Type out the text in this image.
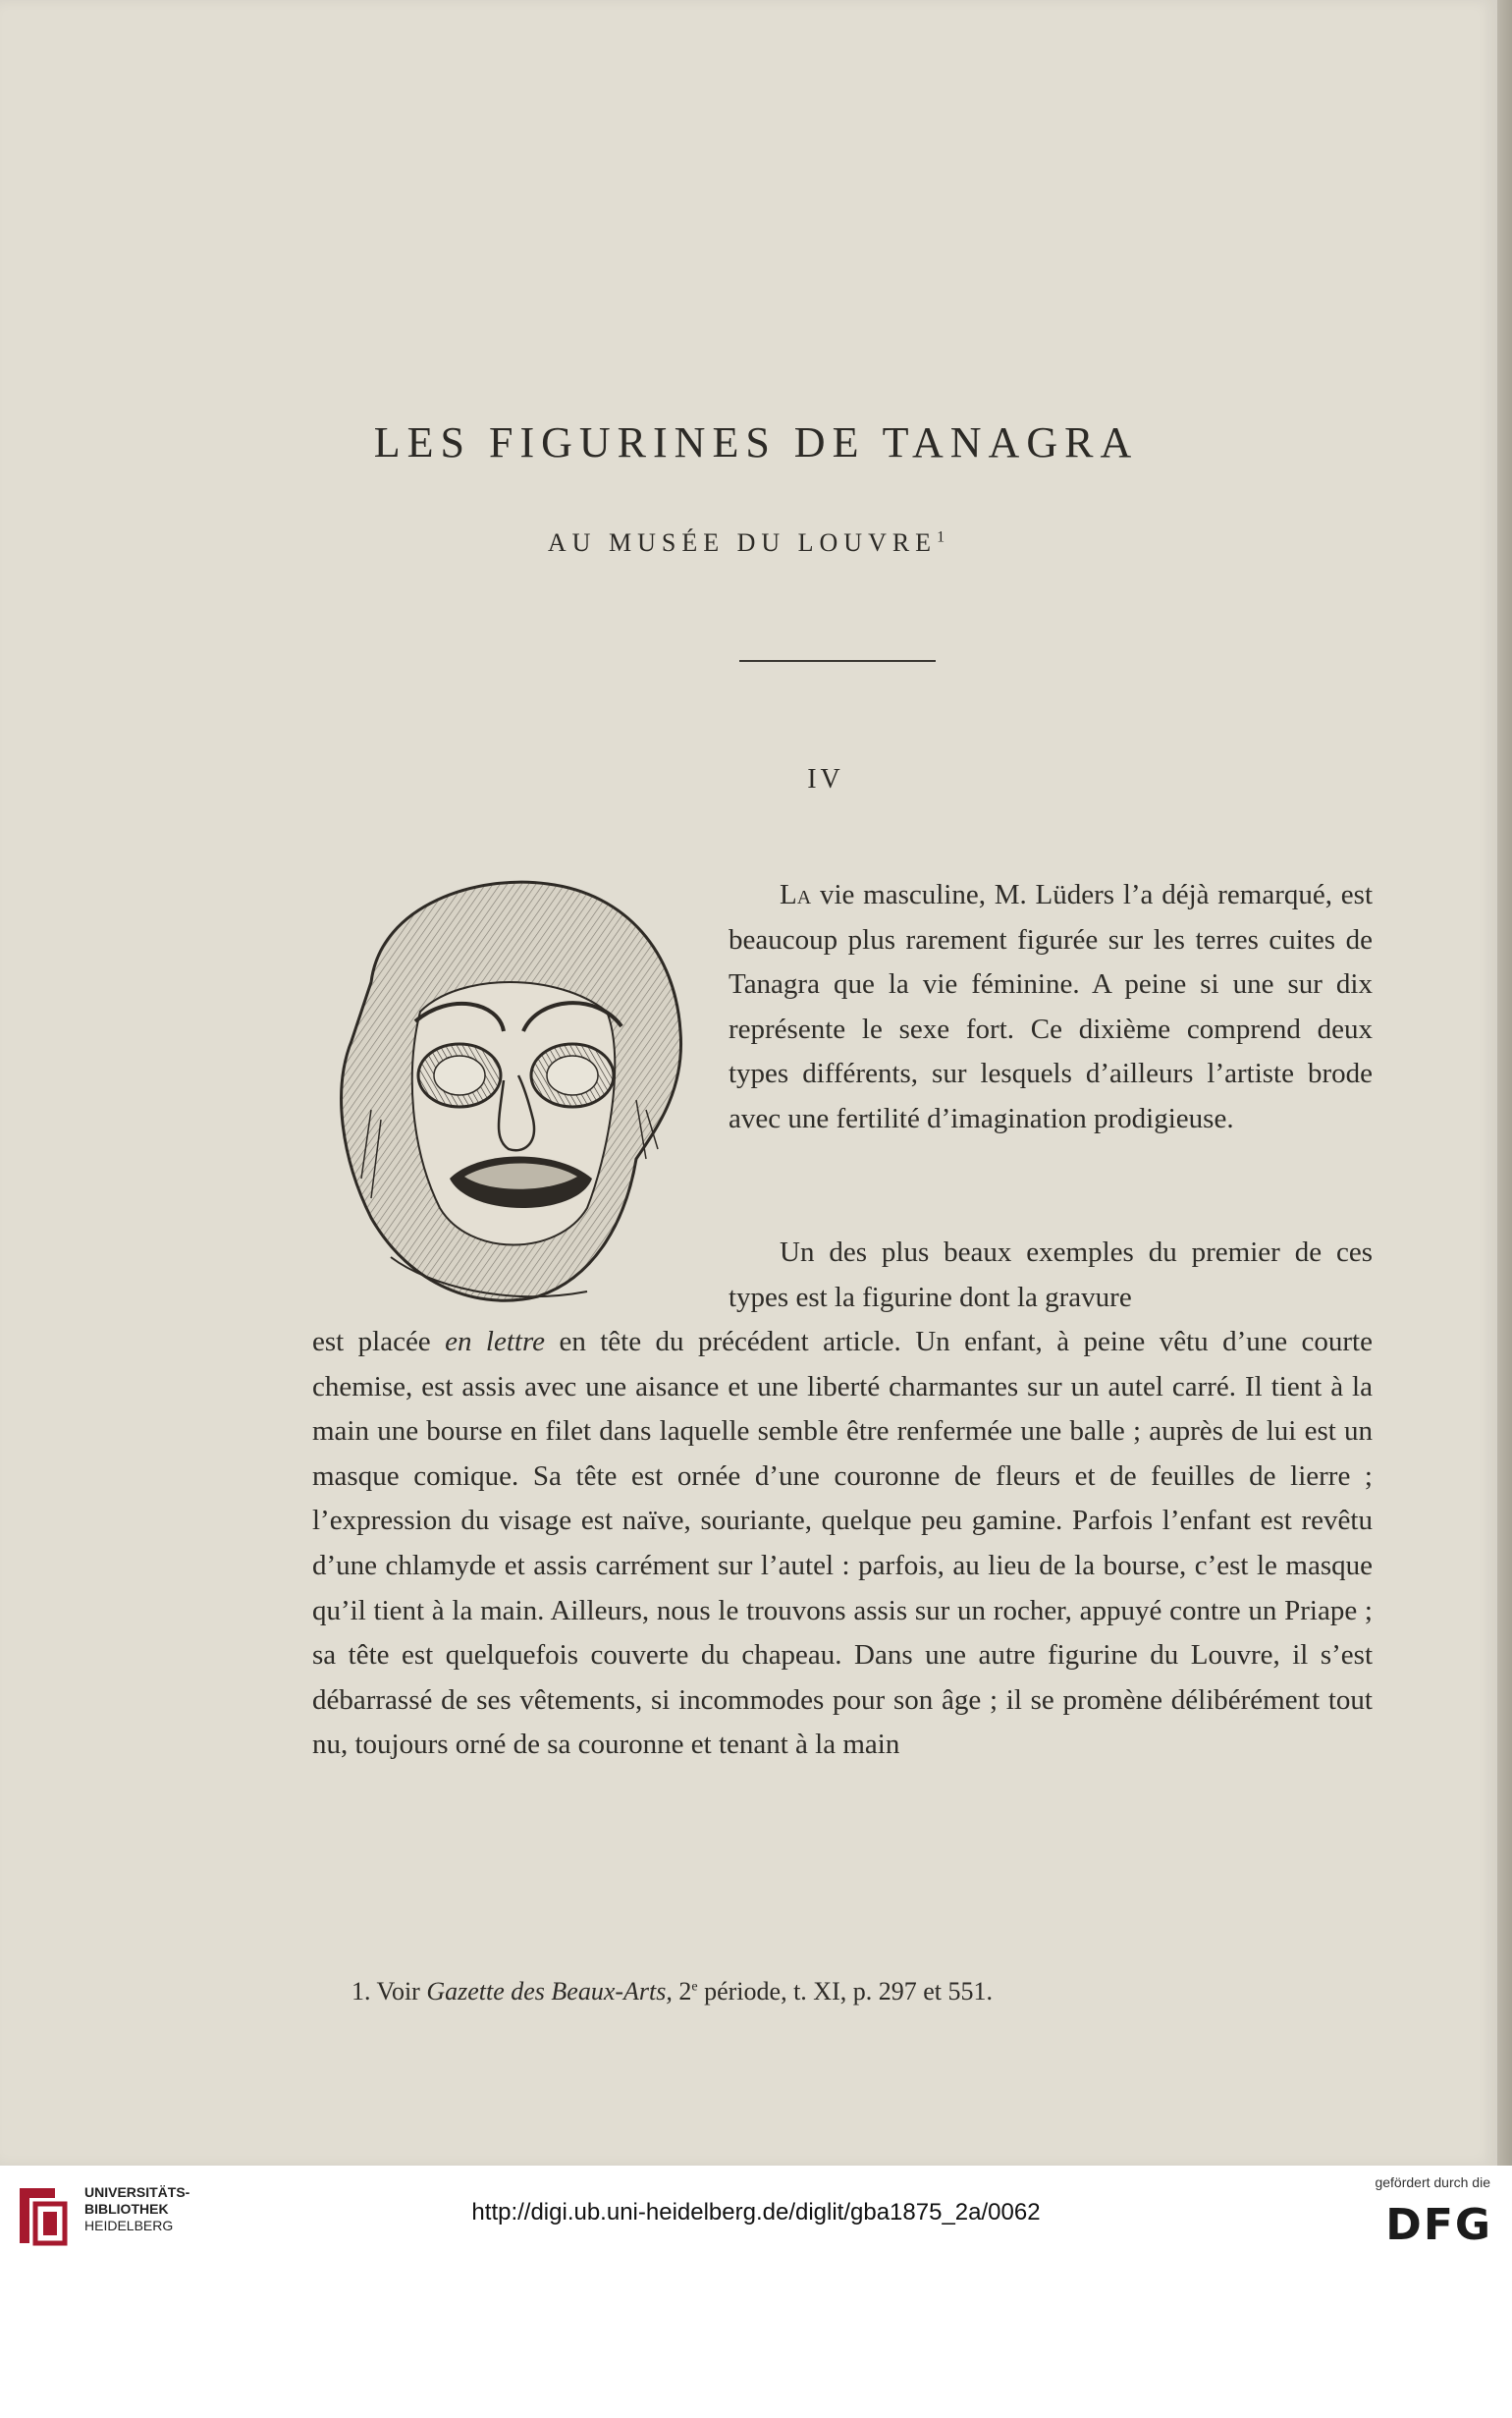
LES FIGURINES DE TANAGRA
AU MUSÉE DU LOUVRE$^1$
IV
La vie masculine, M. Lüders l’a déjà remarqué, est beaucoup plus rarement figurée sur les terres cuites de Tanagra que la vie féminine. A peine si une sur dix représente le sexe fort. Ce dixième comprend deux types différents, sur lesquels d’ailleurs l’artiste brode avec une fertilité d’imagination prodigieuse.
Un des plus beaux exemples du premier de ces types est la figurine dont la gravure
est placée en lettre en tête du précédent article. Un enfant, à peine vêtu d’une courte chemise, est assis avec une aisance et une liberté charmantes sur un autel carré. Il tient à la main une bourse en filet dans laquelle semble être renfermée une balle ; auprès de lui est un masque comique. Sa tête est ornée d’une couronne de fleurs et de feuilles de lierre ; l’expression du visage est naïve, souriante, quelque peu gamine. Parfois l’enfant est revêtu d’une chlamyde et assis carrément sur l’autel : parfois, au lieu de la bourse, c’est le masque qu’il tient à la main. Ailleurs, nous le trouvons assis sur un rocher, appuyé contre un Priape ; sa tête est quelquefois couverte du chapeau. Dans une autre figurine du Louvre, il s’est débarrassé de ses vêtements, si incommodes pour son âge ; il se promène délibérément tout nu, toujours orné de sa couronne et tenant à la main
1. Voir Gazette des Beaux-Arts, 2e période, t. XI, p. 297 et 551.
UNIVERSITÄTS-
BIBLIOTHEK
HEIDELBERG	http://digi.ub.uni-heidelberg.de/diglit/gba1875_2a/0062
gefördert durch die
DFG
